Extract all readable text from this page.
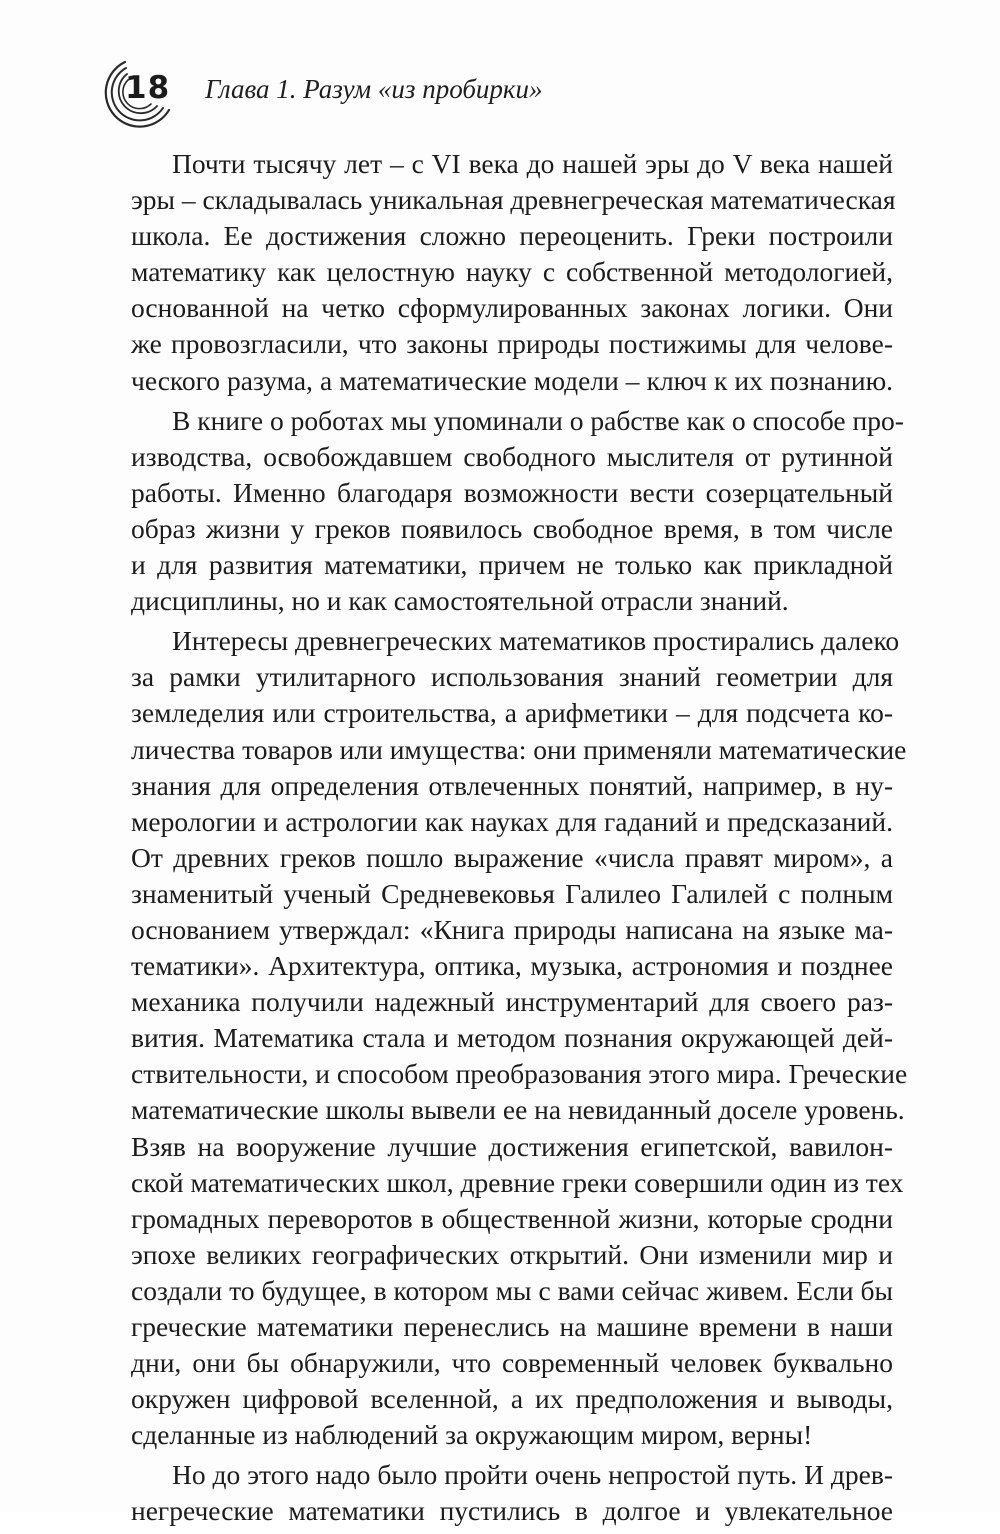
18 Глава 1. Разум «из пробирки»
Почти тысячу лет – с VI века до нашей эры до V века нашей
эры – складывалась уникальная древнегреческая математическая
школа. Ее достижения сложно переоценить. Греки построили
математику как целостную науку с собственной методологией,
основанной на четко сформулированных законах логики. Они
же провозгласили, что законы природы постижимы для челове-
ческого разума, а математические модели – ключ к их познанию.
В книге о роботах мы упоминали о рабстве как о способе про-
изводства, освобождавшем свободного мыслителя от рутинной
работы. Именно благодаря возможности вести созерцательный
образ жизни у греков появилось свободное время, в том числе
и для развития математики, причем не только как прикладной
дисциплины, но и как самостоятельной отрасли знаний.
Интересы древнегреческих математиков простирались далеко
за рамки утилитарного использования знаний геометрии для
земледелия или строительства, а арифметики – для подсчета ко-
личества товаров или имущества: они применяли математические
знания для определения отвлеченных понятий, например, в ну-
мерологии и астрологии как науках для гаданий и предсказаний.
От древних греков пошло выражение «числа правят миром», а
знаменитый ученый Средневековья Галилео Галилей с полным
основанием утверждал: «Книга природы написана на языке ма-
тематики». Архитектура, оптика, музыка, астрономия и позднее
механика получили надежный инструментарий для своего раз-
вития. Математика стала и методом познания окружающей дей-
ствительности, и способом преобразования этого мира. Греческие
математические школы вывели ее на невиданный доселе уровень.
Взяв на вооружение лучшие достижения египетской, вавилон-
ской математических школ, древние греки совершили один из тех
громадных переворотов в общественной жизни, которые сродни
эпохе великих географических открытий. Они изменили мир и
создали то будущее, в котором мы с вами сейчас живем. Если бы
греческие математики перенеслись на машине времени в наши
дни, они бы обнаружили, что современный человек буквально
окружен цифровой вселенной, а их предположения и выводы,
сделанные из наблюдений за окружающим миром, верны!
Но до этого надо было пройти очень непростой путь. И древ-
негреческие математики пустились в долгое и увлекательное
